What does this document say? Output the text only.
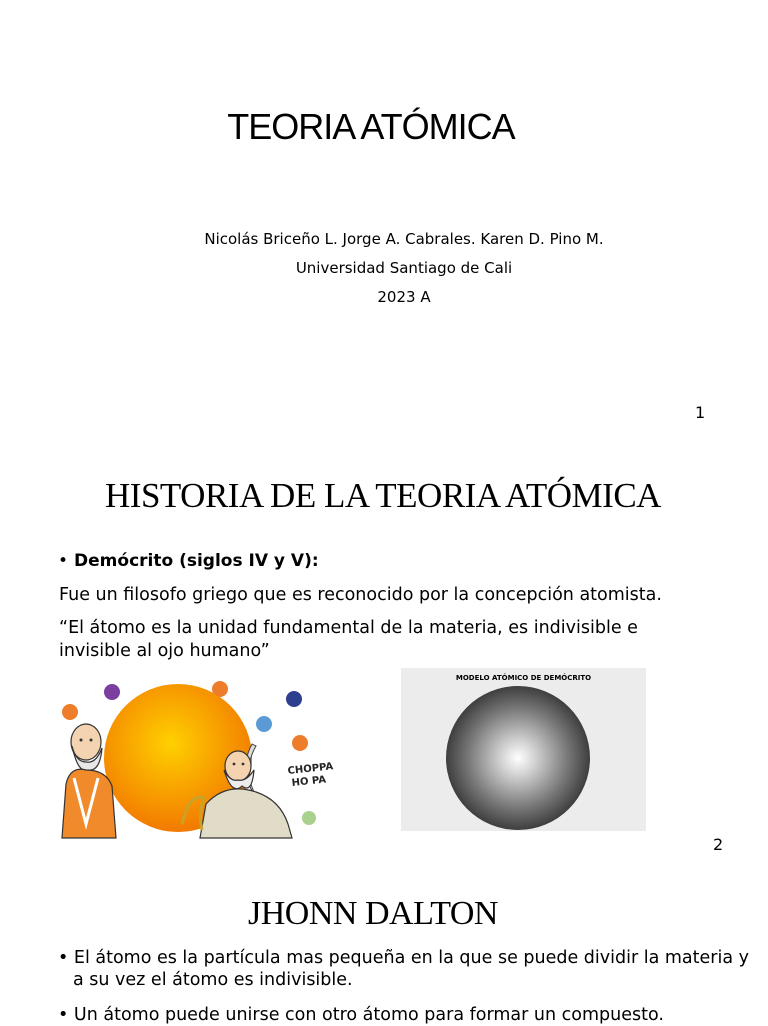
TEORIA ATÓMICA
Nicolás Briceño L. Jorge A. Cabrales. Karen D. Pino M.
Universidad Santiago de Cali
2023 A
1
HISTORIA DE LA TEORIA ATÓMICA
• Demócrito (siglos IV y V):
Fue un filosofo griego que es reconocido por la concepción atomista.
“El átomo es la unidad fundamental de la materia, es indivisible e invisible al ojo humano”
CHOPPA
HO PA
MODELO ATÓMICO DE DEMÓCRITO
2
JHONN DALTON
• El átomo es la partícula mas pequeña en la que se puede dividir la materia y a su vez el átomo es indivisible.
• Un átomo puede unirse con otro átomo para formar un compuesto.
